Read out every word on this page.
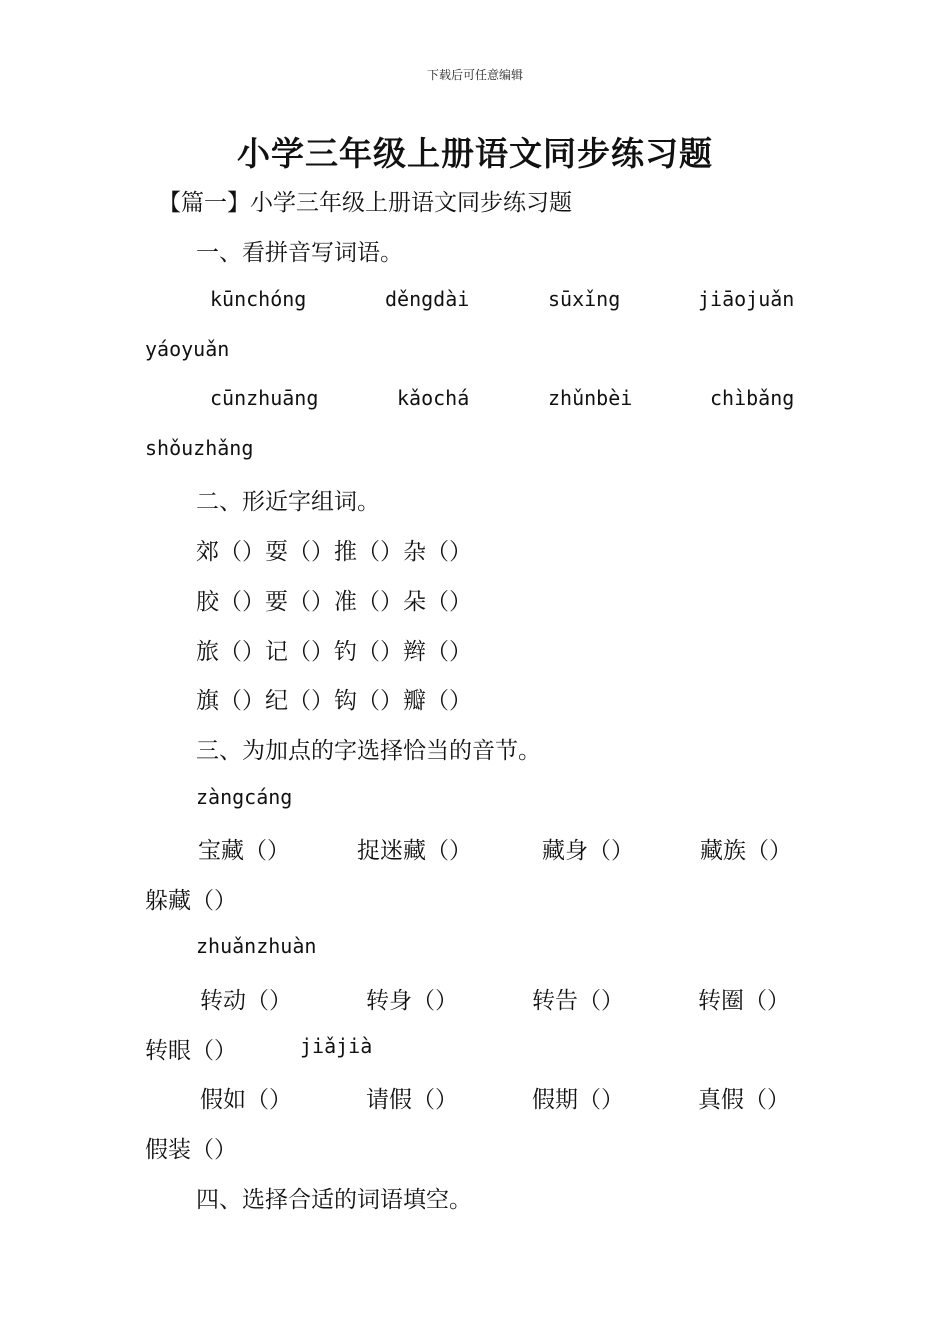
下载后可任意编辑
小学三年级上册语文同步练习题
【篇一】小学三年级上册语文同步练习题
一、看拼音写词语。
kūnchóng	děngdài	sūxǐng	jiāojuǎn
yáoyuǎn
cūnzhuāng	kǎochá	zhǔnbèi	chìbǎng
shǒuzhǎng
二、形近字组词。
郊（）耍（）推（）杂（）
胶（）要（）准（）朵（）
旅（）记（）钓（）辫（）
旗（）纪（）钩（）瓣（）
三、为加点的字选择恰当的音节。
zàngcáng
宝藏（）	捉迷藏（）	藏身（）	藏族（）
躲藏（）
zhuǎnzhuàn
转动（）	转身（）	转告（）	转圈（）
转眼（）	jiǎjià
假如（）	请假（）	假期（）	真假（）
假装（）
四、选择合适的词语填空。
